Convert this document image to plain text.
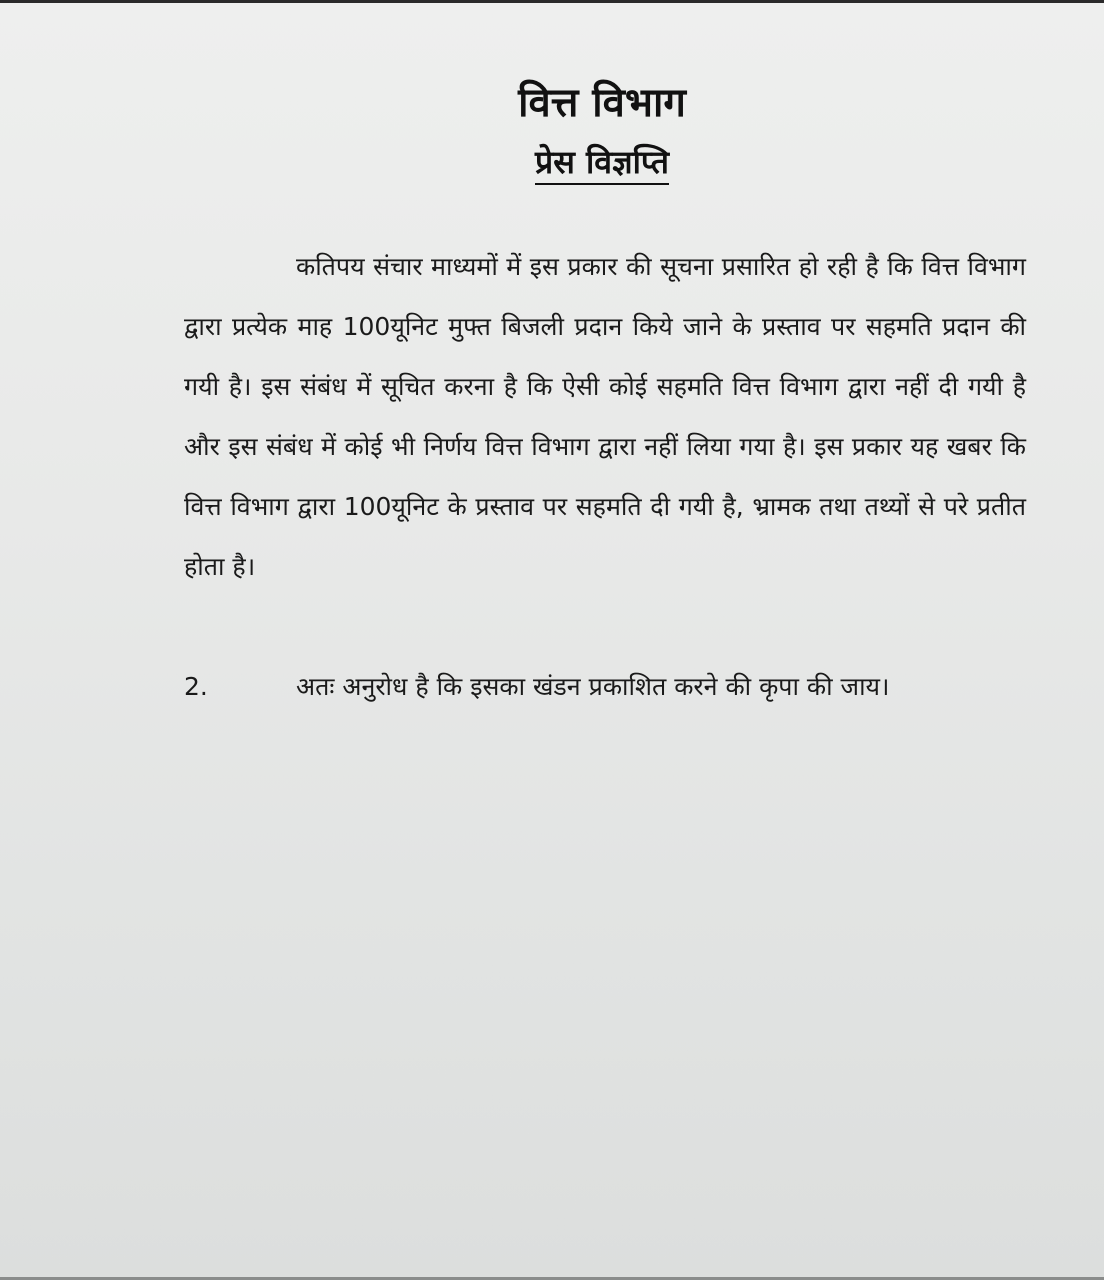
वित्त विभाग
प्रेस विज्ञप्ति
कतिपय संचार माध्यमों में इस प्रकार की सूचना प्रसारित हो रही है कि वित्त विभाग द्वारा प्रत्येक माह 100यूनिट मुफ्त बिजली प्रदान किये जाने के प्रस्ताव पर सहमति प्रदान की गयी है। इस संबंध में सूचित करना है कि ऐसी कोई सहमति वित्त विभाग द्वारा नहीं दी गयी है और इस संबंध में कोई भी निर्णय वित्त विभाग द्वारा नहीं लिया गया है। इस प्रकार यह खबर कि वित्त विभाग द्वारा 100यूनिट के प्रस्ताव पर सहमति दी गयी है, भ्रामक तथा तथ्यों से परे प्रतीत होता है।
2.	अतः अनुरोध है कि इसका खंडन प्रकाशित करने की कृपा की जाय।
